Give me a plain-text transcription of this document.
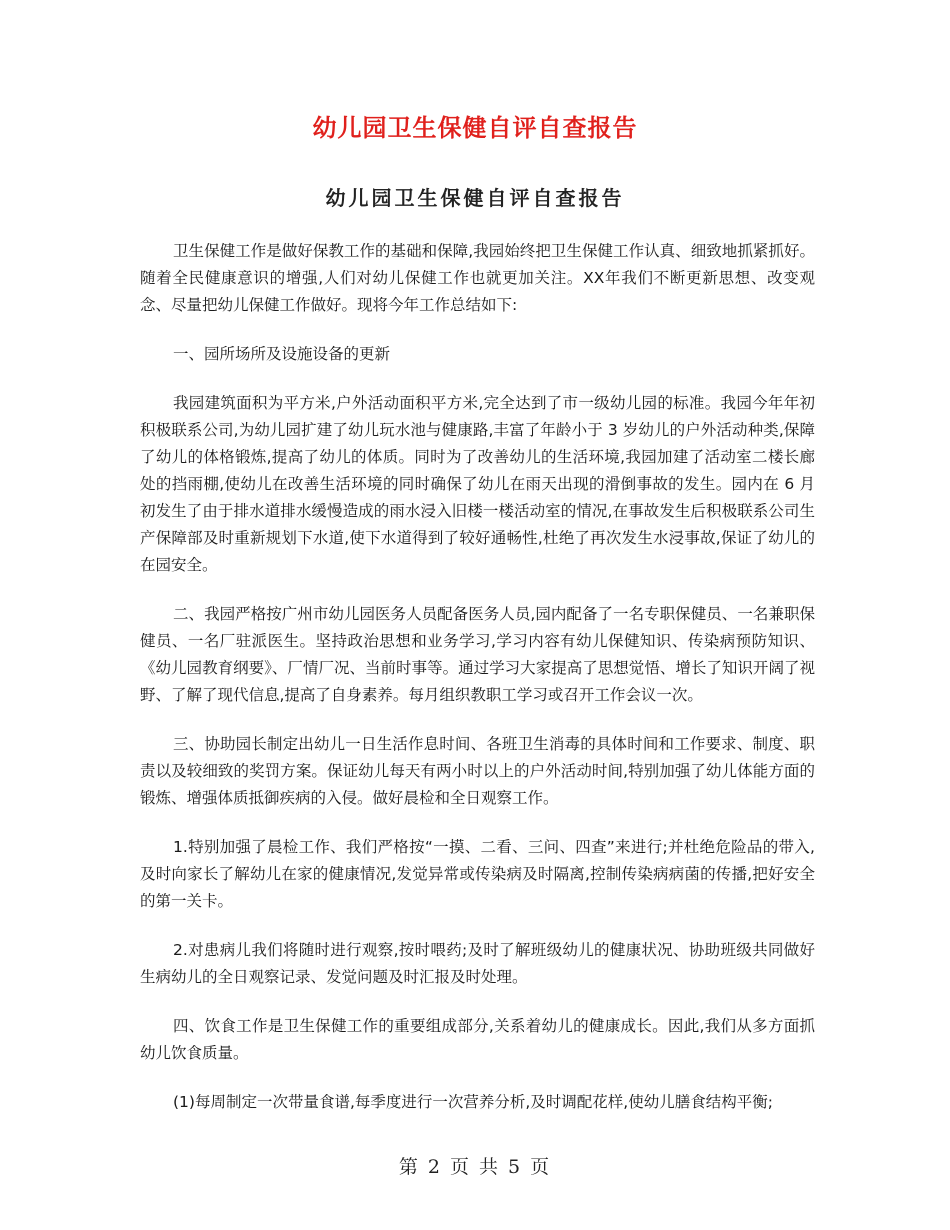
幼儿园卫生保健自评自查报告
幼儿园卫生保健自评自查报告

卫生保健工作是做好保教工作的基础和保障,我园始终把卫生保健工作认真、细致地抓紧抓好。随着全民健康意识的增强,人们对幼儿保健工作也就更加关注。XX年我们不断更新思想、改变观念、尽量把幼儿保健工作做好。现将今年工作总结如下:

一、园所场所及设施设备的更新

我园建筑面积为平方米,户外活动面积平方米,完全达到了市一级幼儿园的标准。我园今年年初积极联系公司,为幼儿园扩建了幼儿玩水池与健康路,丰富了年龄小于 3 岁幼儿的户外活动种类,保障了幼儿的体格锻炼,提高了幼儿的体质。同时为了改善幼儿的生活环境,我园加建了活动室二楼长廊处的挡雨棚,使幼儿在改善生活环境的同时确保了幼儿在雨天出现的滑倒事故的发生。园内在 6 月初发生了由于排水道排水缓慢造成的雨水浸入旧楼一楼活动室的情况,在事故发生后积极联系公司生产保障部及时重新规划下水道,使下水道得到了较好通畅性,杜绝了再次发生水浸事故,保证了幼儿的在园安全。

二、我园严格按广州市幼儿园医务人员配备医务人员,园内配备了一名专职保健员、一名兼职保健员、一名厂驻派医生。坚持政治思想和业务学习,学习内容有幼儿保健知识、传染病预防知识、《幼儿园教育纲要》、厂情厂况、当前时事等。通过学习大家提高了思想觉悟、增长了知识开阔了视野、了解了现代信息,提高了自身素养。每月组织教职工学习或召开工作会议一次。

三、协助园长制定出幼儿一日生活作息时间、各班卫生消毒的具体时间和工作要求、制度、职责以及较细致的奖罚方案。保证幼儿每天有两小时以上的户外活动时间,特别加强了幼儿体能方面的锻炼、增强体质抵御疾病的入侵。做好晨检和全日观察工作。

1.特别加强了晨检工作、我们严格按“一摸、二看、三问、四查”来进行;并杜绝危险品的带入,及时向家长了解幼儿在家的健康情况,发觉异常或传染病及时隔离,控制传染病病菌的传播,把好安全的第一关卡。

2.对患病儿我们将随时进行观察,按时喂药;及时了解班级幼儿的健康状况、协助班级共同做好生病幼儿的全日观察记录、发觉问题及时汇报及时处理。

四、饮食工作是卫生保健工作的重要组成部分,关系着幼儿的健康成长。因此,我们从多方面抓幼儿饮食质量。

(1)每周制定一次带量食谱,每季度进行一次营养分析,及时调配花样,使幼儿膳食结构平衡;

第 2 页 共 5 页
